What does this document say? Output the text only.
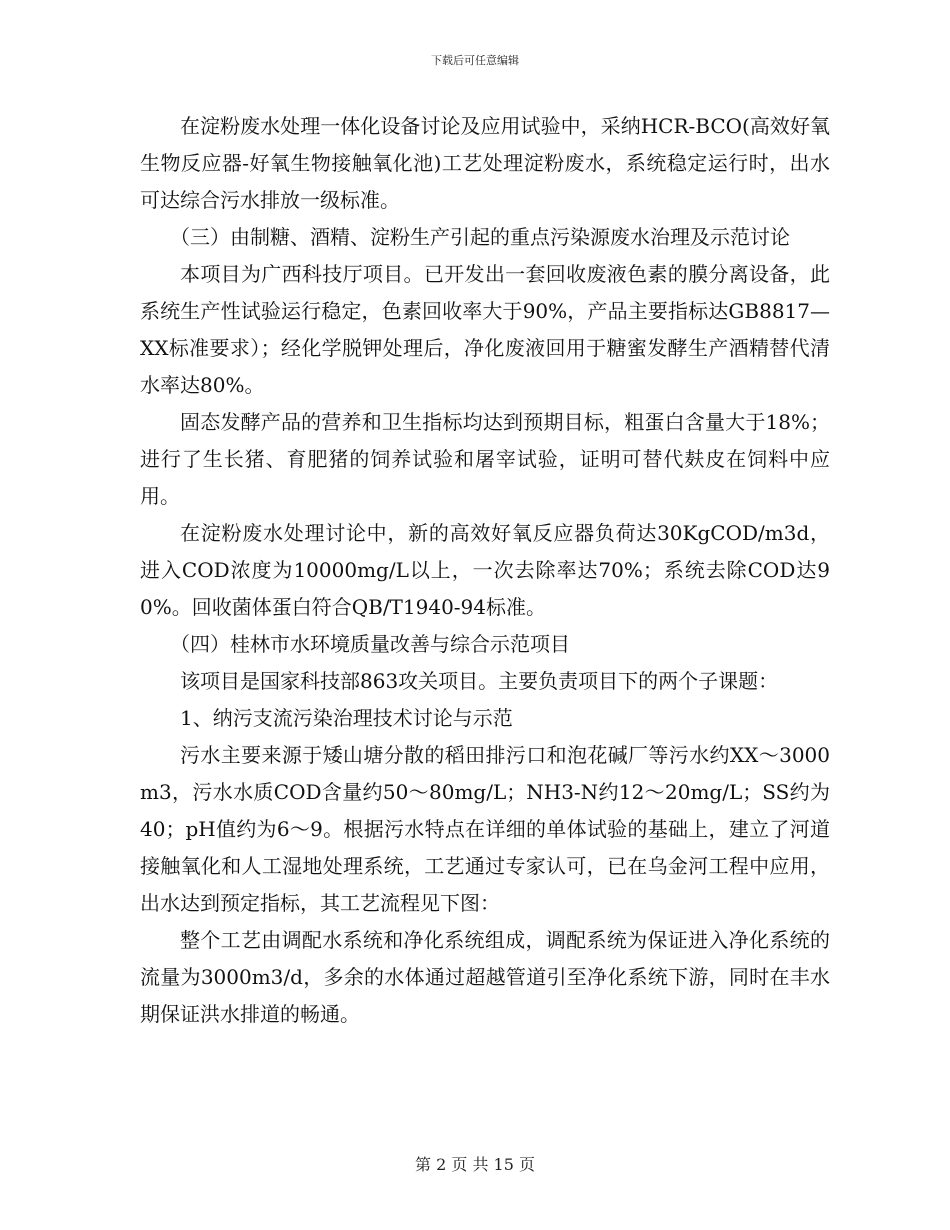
下载后可任意编辑

在淀粉废水处理一体化设备讨论及应用试验中，采纳HCR-BCO(高效好氧生物反应器-好氧生物接触氧化池)工艺处理淀粉废水，系统稳定运行时，出水可达综合污水排放一级标准。

（三）由制糖、酒精、淀粉生产引起的重点污染源废水治理及示范讨论

本项目为广西科技厅项目。已开发出一套回收废液色素的膜分离设备，此系统生产性试验运行稳定，色素回收率大于90%，产品主要指标达GB8817—XX标准要求）；经化学脱钾处理后，净化废液回用于糖蜜发酵生产酒精替代清水率达80%。

固态发酵产品的营养和卫生指标均达到预期目标，粗蛋白含量大于18%；进行了生长猪、育肥猪的饲养试验和屠宰试验，证明可替代麸皮在饲料中应用。

在淀粉废水处理讨论中，新的高效好氧反应器负荷达30KgCOD/m3d，进入COD浓度为10000mg/L以上，一次去除率达70%；系统去除COD达90%。回收菌体蛋白符合QB/T1940-94标准。

（四）桂林市水环境质量改善与综合示范项目

该项目是国家科技部863攻关项目。主要负责项目下的两个子课题：

1、纳污支流污染治理技术讨论与示范

污水主要来源于矮山塘分散的稻田排污口和泡花碱厂等污水约XX～3000m3，污水水质COD含量约50～80mg/L；NH3-N约12～20mg/L；SS约为40；pH值约为6～9。根据污水特点在详细的单体试验的基础上，建立了河道接触氧化和人工湿地处理系统，工艺通过专家认可，已在乌金河工程中应用，出水达到预定指标，其工艺流程见下图：

整个工艺由调配水系统和净化系统组成，调配系统为保证进入净化系统的流量为3000m3/d，多余的水体通过超越管道引至净化系统下游，同时在丰水期保证洪水排道的畅通。

第 2 页 共 15 页
